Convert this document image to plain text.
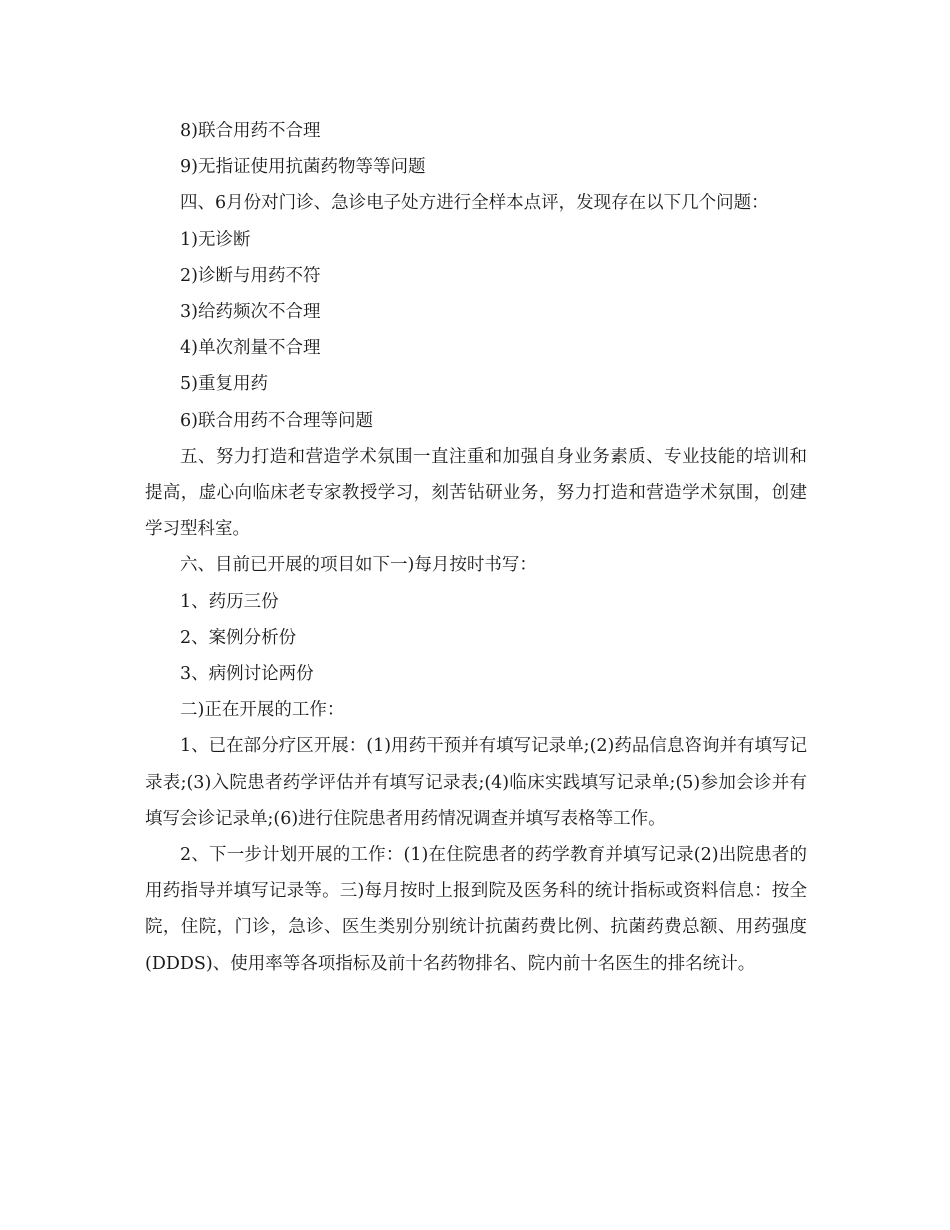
8)联合用药不合理

9)无指证使用抗菌药物等等问题

四、6月份对门诊、急诊电子处方进行全样本点评，发现存在以下几个问题：

1)无诊断

2)诊断与用药不符

3)给药频次不合理

4)单次剂量不合理

5)重复用药

6)联合用药不合理等问题

五、努力打造和营造学术氛围一直注重和加强自身业务素质、专业技能的培训和提高，虚心向临床老专家教授学习，刻苦钻研业务，努力打造和营造学术氛围，创建学习型科室。

六、目前已开展的项目如下一)每月按时书写：

1、药历三份

2、案例分析份

3、病例讨论两份

二)正在开展的工作：

1、已在部分疗区开展：(1)用药干预并有填写记录单;(2)药品信息咨询并有填写记录表;(3)入院患者药学评估并有填写记录表;(4)临床实践填写记录单;(5)参加会诊并有填写会诊记录单;(6)进行住院患者用药情况调查并填写表格等工作。

2、下一步计划开展的工作：(1)在住院患者的药学教育并填写记录(2)出院患者的用药指导并填写记录等。三)每月按时上报到院及医务科的统计指标或资料信息：按全院，住院，门诊，急诊、医生类别分别统计抗菌药费比例、抗菌药费总额、用药强度(DDDS)、使用率等各项指标及前十名药物排名、院内前十名医生的排名统计。
